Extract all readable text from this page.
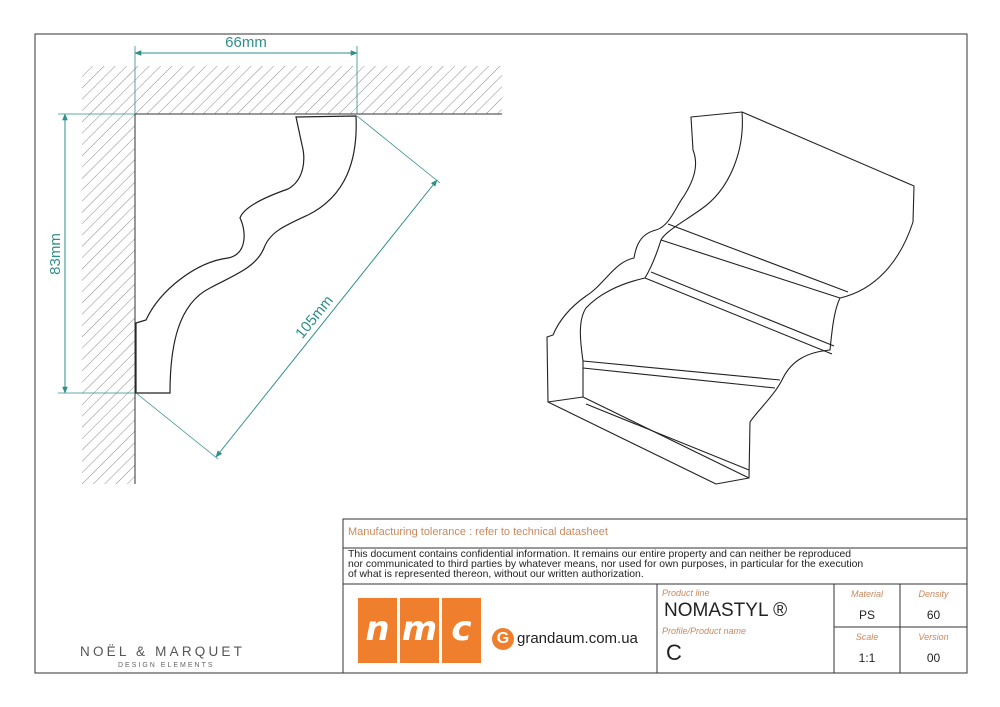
66mm
83mm
105mm
Manufacturing tolerance : refer to technical datasheet
This document contains confidential information. It remains our entire property and can neither be reproduced
nor communicated to third parties by whatever means, nor used for own purposes, in particular for the execution
of what is represented thereon, without our written authorization.
Product line
NOMASTYL ®
Profile/Product name
C
Material
PS
Density
60
Scale
1:1
Version
00
n m c	G grandaum.com.ua
NOËL & MARQUET
DESIGN ELEMENTS
